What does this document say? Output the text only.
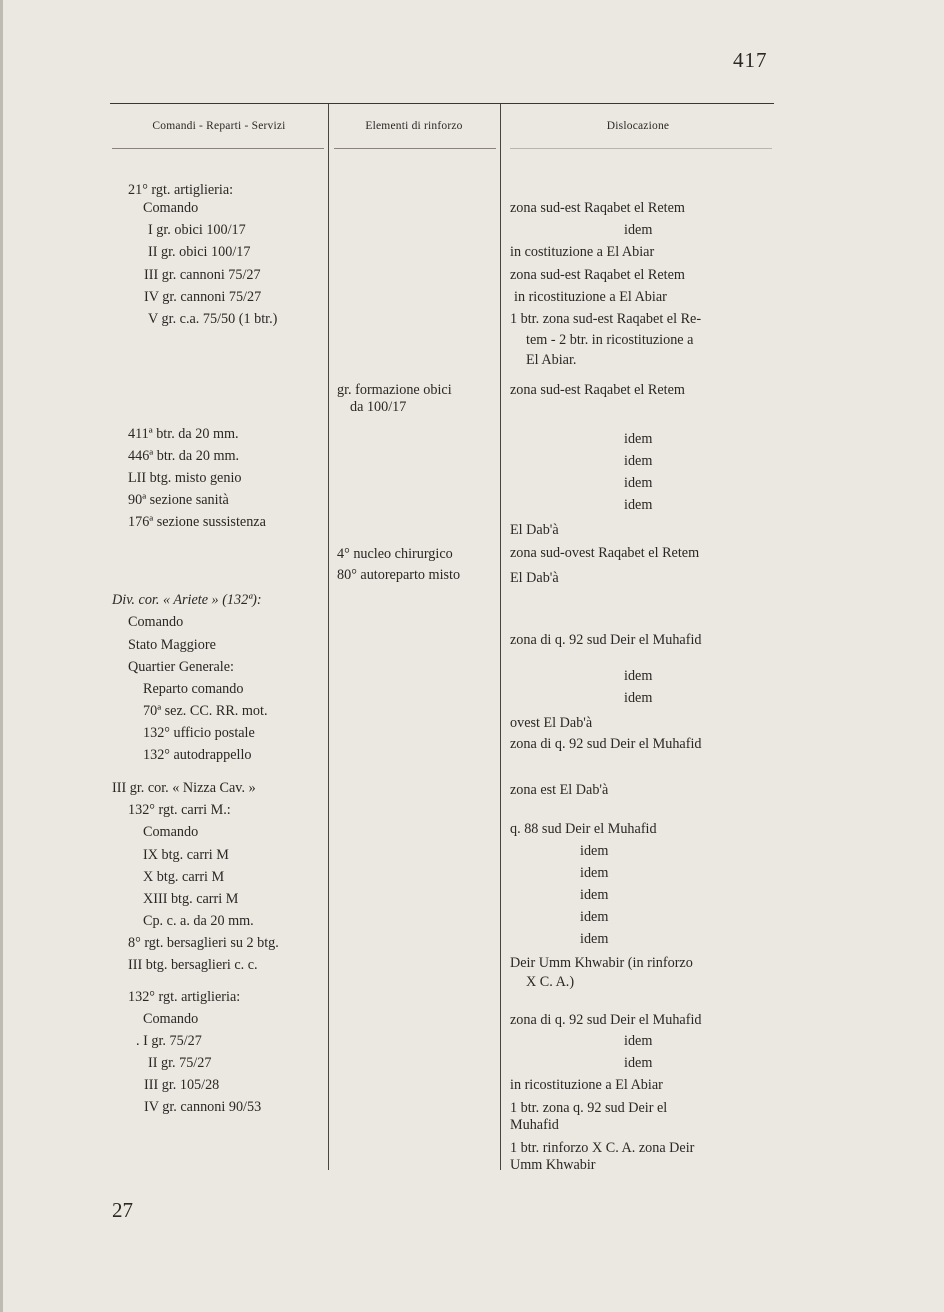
417
Comandi - Reparti - Servizi	Elementi di rinforzo	Dislocazione
21° rgt. artiglieria:
Comando
I gr. obici 100/17
II gr. obici 100/17
III gr. cannoni 75/27
IV gr. cannoni 75/27
V gr. c.a. 75/50 (1 btr.)
411ª btr. da 20 mm.
446ª btr. da 20 mm.
LII btg. misto genio
90ª sezione sanità
176ª sezione sussistenza
Div. cor. « Ariete » (132ª):
Comando
Stato Maggiore
Quartier Generale:
Reparto comando
70ª sez. CC. RR. mot.
132° ufficio postale
132° autodrappello
III gr. cor. « Nizza Cav. »
132° rgt. carri M.:
Comando
IX btg. carri M
X btg. carri M
XIII btg. carri M
Cp. c. a. da 20 mm.
8° rgt. bersaglieri su 2 btg.
III btg. bersaglieri c. c.
132° rgt. artiglieria:
Comando
. I gr. 75/27
II gr. 75/27
III gr. 105/28
IV gr. cannoni 90/53
gr. formazione obici
da 100/17
4° nucleo chirurgico
80° autoreparto misto
zona sud-est Raqabet el Retem
idem
in costituzione a El Abiar
zona sud-est Raqabet el Retem
in ricostituzione a El Abiar
1 btr. zona sud-est Raqabet el Re-
tem - 2 btr. in ricostituzione a
El Abiar.
zona sud-est Raqabet el Retem
idem
idem
idem
idem
El Dab'à
zona sud-ovest Raqabet el Retem
El Dab'à
zona di q. 92 sud Deir el Muhafid
idem
idem
ovest El Dab'à
zona di q. 92 sud Deir el Muhafid
zona est El Dab'à
q. 88 sud Deir el Muhafid
idem
idem
idem
idem
idem
Deir Umm Khwabir (in rinforzo
X C. A.)
zona di q. 92 sud Deir el Muhafid
idem
idem
in ricostituzione a El Abiar
1 btr. zona q. 92 sud Deir el
Muhafid
1 btr. rinforzo X C. A. zona Deir
Umm Khwabir
27
